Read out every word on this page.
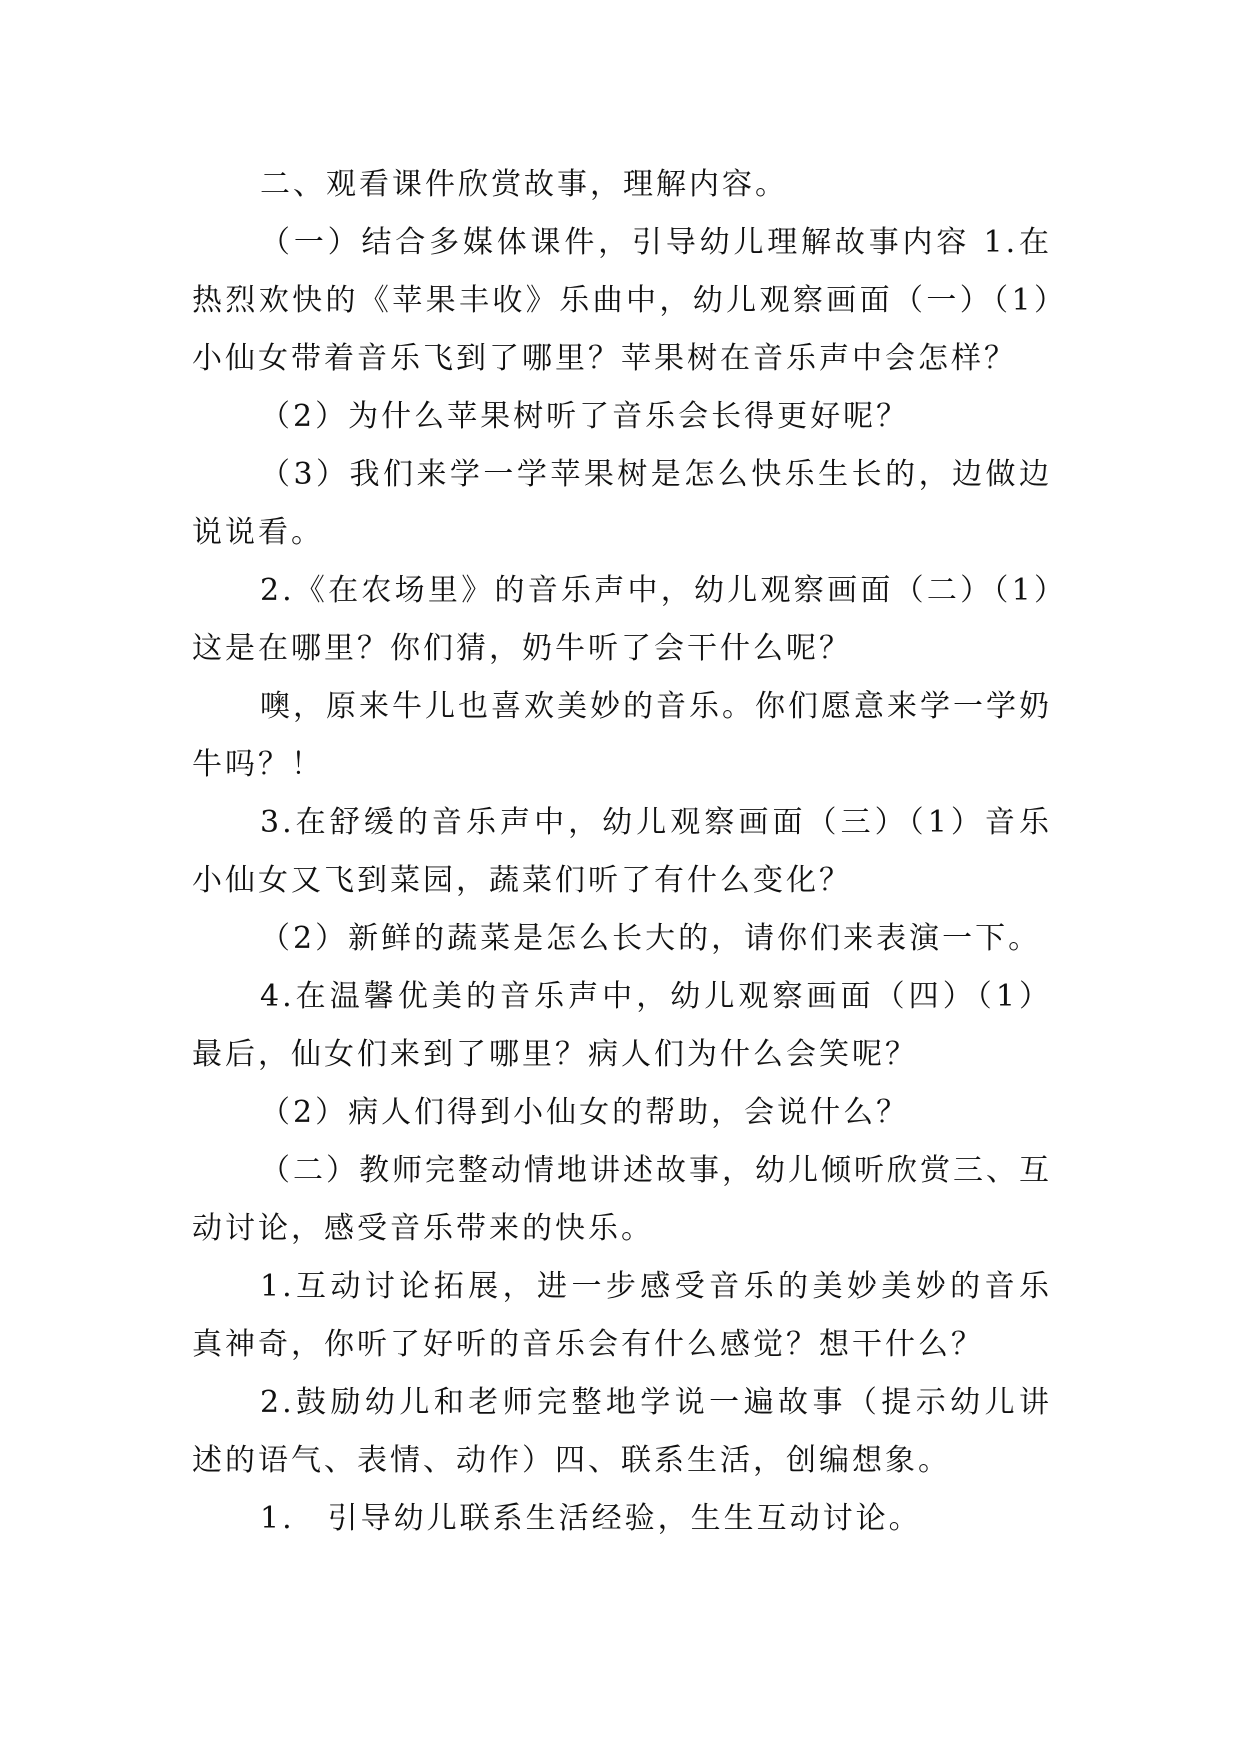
二、观看课件欣赏故事，理解内容。

（一）结合多媒体课件，引导幼儿理解故事内容 1.在热烈欢快的《苹果丰收》乐曲中，幼儿观察画面（一）（1）小仙女带着音乐飞到了哪里？苹果树在音乐声中会怎样？

（2）为什么苹果树听了音乐会长得更好呢？

（3）我们来学一学苹果树是怎么快乐生长的，边做边说说看。

2.《在农场里》的音乐声中，幼儿观察画面（二）（1）这是在哪里？你们猜，奶牛听了会干什么呢？

噢，原来牛儿也喜欢美妙的音乐。你们愿意来学一学奶牛吗？！

3.在舒缓的音乐声中，幼儿观察画面（三）（1）音乐小仙女又飞到菜园，蔬菜们听了有什么变化？

（2）新鲜的蔬菜是怎么长大的，请你们来表演一下。

4.在温馨优美的音乐声中，幼儿观察画面（四）（1）最后，仙女们来到了哪里？病人们为什么会笑呢？

（2）病人们得到小仙女的帮助，会说什么？

（二）教师完整动情地讲述故事，幼儿倾听欣赏三、互动讨论，感受音乐带来的快乐。

1.互动讨论拓展，进一步感受音乐的美妙美妙的音乐真神奇，你听了好听的音乐会有什么感觉？想干什么？

2.鼓励幼儿和老师完整地学说一遍故事（提示幼儿讲述的语气、表情、动作）四、联系生活，创编想象。

1.　引导幼儿联系生活经验，生生互动讨论。
